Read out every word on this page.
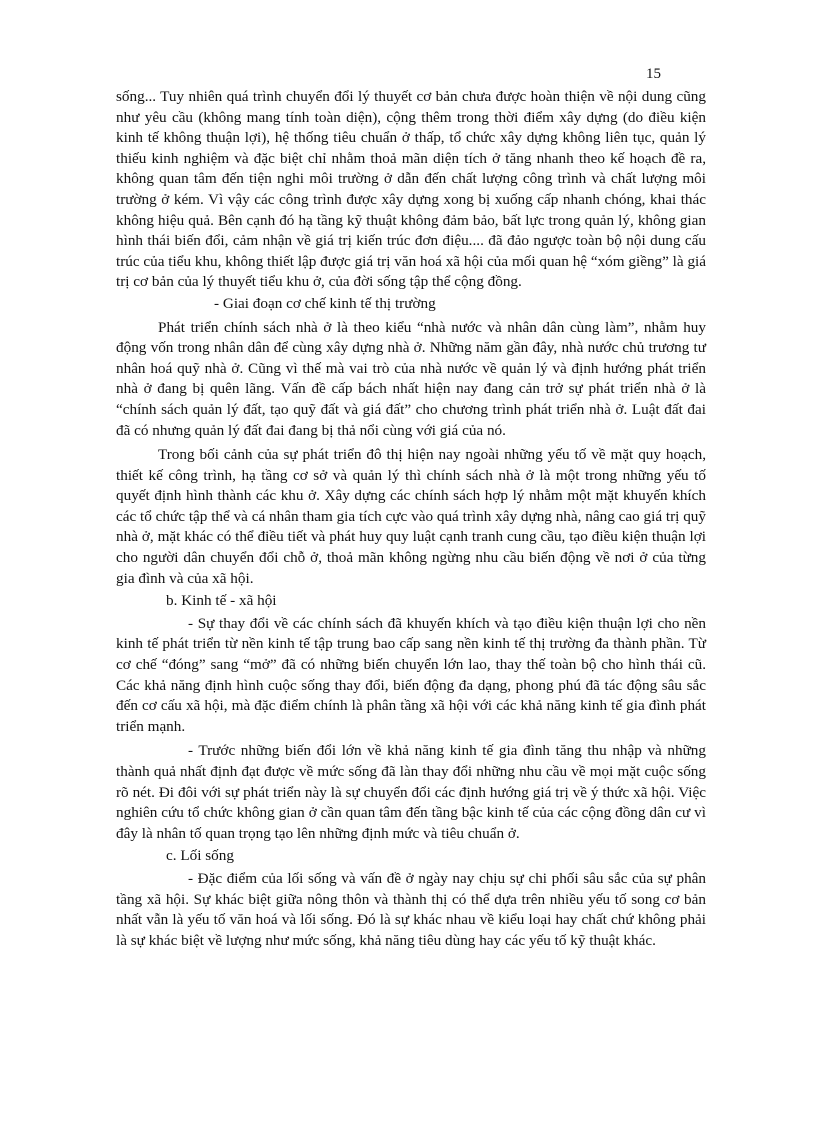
15

sống... Tuy nhiên quá trình chuyển đổi lý thuyết cơ bản chưa được hoàn thiện về nội dung cũng như yêu cầu (không mang tính toàn diện), cộng thêm trong thời điểm xây dựng (do điều kiện kinh tế không thuận lợi), hệ thống tiêu chuẩn ở thấp, tổ chức xây dựng không liên tục, quản lý thiếu kinh nghiệm và đặc biệt chỉ nhằm thoả mãn diện tích ở tăng nhanh theo kế hoạch đề ra, không quan tâm đến tiện nghi môi trường ở dẫn đến chất lượng công trình và chất lượng môi trường ở kém. Vì vậy các công trình được xây dựng xong bị xuống cấp nhanh chóng, khai thác không hiệu quả. Bên cạnh đó hạ tầng kỹ thuật không đảm bảo, bất lực trong quản lý, không gian hình thái biến đổi, cảm nhận về giá trị kiến trúc đơn điệu.... đã đảo ngược toàn bộ nội dung cấu trúc của tiểu khu, không thiết lập được giá trị văn hoá xã hội của mối quan hệ “xóm giềng” là giá trị cơ bản của lý thuyết tiểu khu ở, của đời sống tập thể cộng đồng.

- Giai đoạn cơ chế kinh tế thị trường

Phát triển chính sách nhà ở là theo kiểu “nhà nước và nhân dân cùng làm”, nhằm huy động vốn trong nhân dân để cùng xây dựng nhà ở. Những năm gần đây, nhà nước chủ trương tư nhân hoá quỹ nhà ở. Cũng vì thế mà vai trò của nhà nước về quản lý và định hướng phát triển nhà ở đang bị quên lãng. Vấn đề cấp bách nhất hiện nay đang cản trở sự phát triển nhà ở là “chính sách quản lý đất, tạo quỹ đất và giá đất” cho chương trình phát triển nhà ở. Luật đất đai đã có nhưng quản lý đất đai đang bị thả nổi cùng với giá của nó.

Trong bối cảnh của sự phát triển đô thị hiện nay ngoài những yếu tố về mặt quy hoạch, thiết kế công trình, hạ tầng cơ sở và quản lý thì chính sách nhà ở là một trong những yếu tố quyết định hình thành các khu ở. Xây dựng các chính sách hợp lý nhằm một mặt khuyến khích các tổ chức tập thể và cá nhân tham gia tích cực vào quá trình xây dựng nhà, nâng cao giá trị quỹ nhà ở, mặt khác có thể điều tiết và phát huy quy luật cạnh tranh cung cầu, tạo điều kiện thuận lợi cho người dân chuyển đổi chỗ ở, thoả mãn không ngừng nhu cầu biến động về nơi ở của từng gia đình và của xã hội.

b. Kinh tế - xã hội

- Sự thay đổi về các chính sách đã khuyến khích và tạo điều kiện thuận lợi cho nền kinh tế phát triển từ nền kinh tế tập trung bao cấp sang nền kinh tế thị trường đa thành phần. Từ cơ chế “đóng” sang “mở” đã có những biến chuyển lớn lao, thay thế toàn bộ cho hình thái cũ. Các khả năng định hình cuộc sống thay đổi, biến động đa dạng, phong phú đã tác động sâu sắc đến cơ cấu xã hội, mà đặc điểm chính là phân tầng xã hội với các khả năng kinh tế gia đình phát triển mạnh.

- Trước những biến đổi lớn về khả năng kinh tế gia đình tăng thu nhập và những thành quả nhất định đạt được về mức sống đã làn thay đổi những nhu cầu về mọi mặt cuộc sống rõ nét. Đi đôi với sự phát triển này là sự chuyển đổi các định hướng giá trị về ý thức xã hội. Việc nghiên cứu tổ chức không gian ở cần quan tâm đến tầng bậc kinh tế của các cộng đồng dân cư vì đây là nhân tố quan trọng tạo lên những định mức và tiêu chuẩn ở.

c. Lối sống

- Đặc điểm của lối sống và vấn đề ở ngày nay chịu sự chi phối sâu sắc của sự phân tầng xã hội. Sự khác biệt giữa nông thôn và thành thị có thể dựa trên nhiều yếu tố song cơ bản nhất vẫn là yếu tố văn hoá và lối sống. Đó là sự khác nhau về kiểu loại hay chất chứ không phải là sự khác biệt về lượng như mức sống, khả năng tiêu dùng hay các yếu tố kỹ thuật khác.
